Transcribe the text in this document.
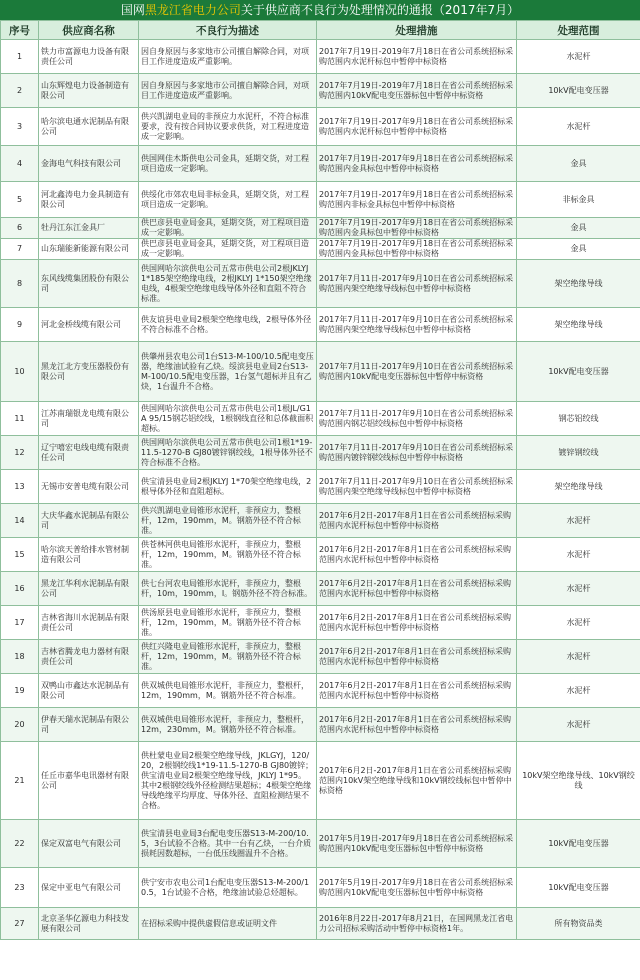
国网黑龙江省电力公司关于供应商不良行为处理情况的通报（2017年7月）
序号	供应商名称	不良行为描述	处理措施	处理范围
1	铁力市富源电力设备有限责任公司	因自身原因与多家地市公司擅自解除合同，对项目工作进度造成严重影响。	2017年7月19日-2019年7月18日在省公司系统招标采购范围内水泥杆标包中暂停中标资格	水泥杆
2	山东辉煌电力设备制造有限公司	因自身原因与多家地市公司擅自解除合同，对项目工作进度造成严重影响。	2017年7月19日-2019年7月18日在省公司系统招标采购范围内10kV配电变压器标包中暂停中标资格	10kV配电变压器
3	哈尔滨电通水泥制品有限公司	供兴凯湖电业局的非预应力水泥杆，不符合标准要求，没有按合同协议要求供货，对工程进度造成一定影响。	2017年7月19日-2017年9月18日在省公司系统招标采购范围内水泥杆标包中暂停中标资格	水泥杆
4	金海电气科技有限公司	供国网佳木斯供电公司金具，延期交货，对工程项目造成一定影响。	2017年7月19日-2017年9月18日在省公司系统招标采购范围内金具标包中暂停中标资格	金具
5	河北鑫涛电力金具制造有限公司	供绥化市郊农电局非标金具，延期交货，对工程项目造成一定影响。	2017年7月19日-2017年9月18日在省公司系统招标采购范围内非标金具标包中暂停中标资格	非标金具
6	牡丹江东江金具厂	供巴彦县电业局金具，延期交货，对工程项目造成一定影响。	2017年7月19日-2017年9月18日在省公司系统招标采购范围内金具标包中暂停中标资格	金具
7	山东瑞能新能源有限公司	供巴彦县电业局金具，延期交货，对工程项目造成一定影响。	2017年7月19日-2017年9月18日在省公司系统招标采购范围内金具标包中暂停中标资格	金具
8	东风线缆集团股份有限公司	供国网哈尔滨供电公司五常市供电公司2根JKLYJ 1*185架空绝缘电线，2根JKLYJ 1*150架空绝缘电线，4根架空绝缘电线导体外径和直阻不符合标准。	2017年7月11日-2017年9月10日在省公司系统招标采购范围内架空绝缘导线标包中暂停中标资格	架空绝缘导线
9	河北金桥线缆有限公司	供友谊县电业局2根架空绝缘电线，2根导体外径不符合标准不合格。	2017年7月11日-2017年9月10日在省公司系统招标采购范围内架空绝缘导线标包中暂停中标资格	架空绝缘导线
10	黑龙江北方变压器股份有限公司	供肇州县农电公司1台S13-M-100/10.5配电变压器，绝缘油试验有乙炔。绥滨县电业局2台S13-M-100/10.5配电变压器，1台氢气超标并且有乙炔，1台温升不合格。	2017年7月11日-2017年9月10日在省公司系统招标采购范围内10kV配电变压器标包中暂停中标资格	10kV配电变压器
11	江苏南瑞银龙电缆有限公司	供国网哈尔滨供电公司五常市供电公司1根JL/G1A 95/15钢芯铝绞线，1根钢线直径和总体截面积超标。	2017年7月11日-2017年9月10日在省公司系统招标采购范围内钢芯铝绞线标包中暂停中标资格	钢芯铝绞线
12	辽宁嘻宏电线电缆有限责任公司	供国网哈尔滨供电公司五常市供电公司1根1*19-11.5-1270-B GJ80镀锌钢绞线，1根导体外径不符合标准不合格。	2017年7月11日-2017年9月10日在省公司系统招标采购范围内镀锌钢绞线标包中暂停中标资格	镀锌钢绞线
13	无锡市安普电缆有限公司	供宝清县电业局2根JKLYJ 1*70架空绝缘电线，2根导体外径和直阻超标。	2017年7月11日-2017年9月10日在省公司系统招标采购范围内架空绝缘导线标包中暂停中标资格	架空绝缘导线
14	大庆华鑫水泥制品有限公司	供兴凯湖电业局锥形水泥杆，非预应力，整根杆，12m，190mm，M。钢筋外径不符合标准。	2017年6月2日-2017年8月1日在省公司系统招标采购范围内水泥杆标包中暂停中标资格	水泥杆
15	哈尔滨天普给排水管材制造有限公司	供苍林河供电局锥形水泥杆，非预应力，整根杆，12m，190mm，M。钢筋外径不符合标准。	2017年6月2日-2017年8月1日在省公司系统招标采购范围内水泥杆标包中暂停中标资格	水泥杆
16	黑龙江华利水泥制品有限公司	供七台河农电局锥形水泥杆，非预应力，整根杆，10m，190mm，I。钢筋外径不符合标准。	2017年6月2日-2017年8月1日在省公司系统招标采购范围内水泥杆标包中暂停中标资格	水泥杆
17	吉林省海川水泥制品有限责任公司	供汤原县电业局锥形水泥杆，非预应力，整根杆，12m，190mm，M。钢筋外径不符合标准。	2017年6月2日-2017年8月1日在省公司系统招标采购范围内水泥杆标包中暂停中标资格	水泥杆
18	吉林省腾龙电力器材有限责任公司	供红兴隆电业局锥形水泥杆，非预应力，整根杆，12m，190mm，M。钢筋外径不符合标准。	2017年6月2日-2017年8月1日在省公司系统招标采购范围内水泥杆标包中暂停中标资格	水泥杆
19	双鸭山市鑫达水泥制品有限公司	供双城供电局锥形水泥杆，非预应力，整根杆，12m，190mm，M。钢筋外径不符合标准。	2017年6月2日-2017年8月1日在省公司系统招标采购范围内水泥杆标包中暂停中标资格	水泥杆
20	伊春天瑞水泥制品有限公司	供双城供电局锥形水泥杆，非预应力，整根杆，12m，230mm，M。钢筋外径不符合标准。	2017年6月2日-2017年8月1日在省公司系统招标采购范围内水泥杆标包中暂停中标资格	水泥杆
21	任丘市嘉华电讯器材有限公司	供杜蒙电业局2根架空绝缘导线，JKLGYJ，120/20，2根钢绞线1*19-11.5-1270-B GJ80镀锌；供宝清电业局2根架空绝缘导线，JKLYJ 1*95。其中2根钢绞线外径检测结果超标；4根架空绝缘导线绝缘平均厚度、导体外径、直阻检测结果不合格。	2017年6月2日-2017年8月1日在省公司系统招标采购范围内10kV架空绝缘导线和10kV钢绞线标包中暂停中标资格	10kV架空绝缘导线、10kV钢绞线
22	保定双富电气有限公司	供宝清县电业局3台配电变压器S13-M-200/10.5，3台试验不合格。其中一台有乙炔，一台介质损耗因数超标，一台低压线圈温升不合格。	2017年5月19日-2017年9月18日在省公司系统招标采购范围内10kV配电变压器标包中暂停中标资格	10kV配电变压器
23	保定中亚电气有限公司	供宁安市农电公司1台配电变压器S13-M-200/10.5，1台试验不合格，绝缘油试验总烃超标。	2017年5月19日-2017年9月18日在省公司系统招标采购范围内10kV配电变压器标包中暂停中标资格	10kV配电变压器
27	北京圣华亿源电力科技发展有限公司	在招标采购中提供虚假信息或证明文件	2016年8月22日-2017年8月21日，在国网黑龙江省电力公司招标采购活动中暂停中标资格1年。	所有物资品类
